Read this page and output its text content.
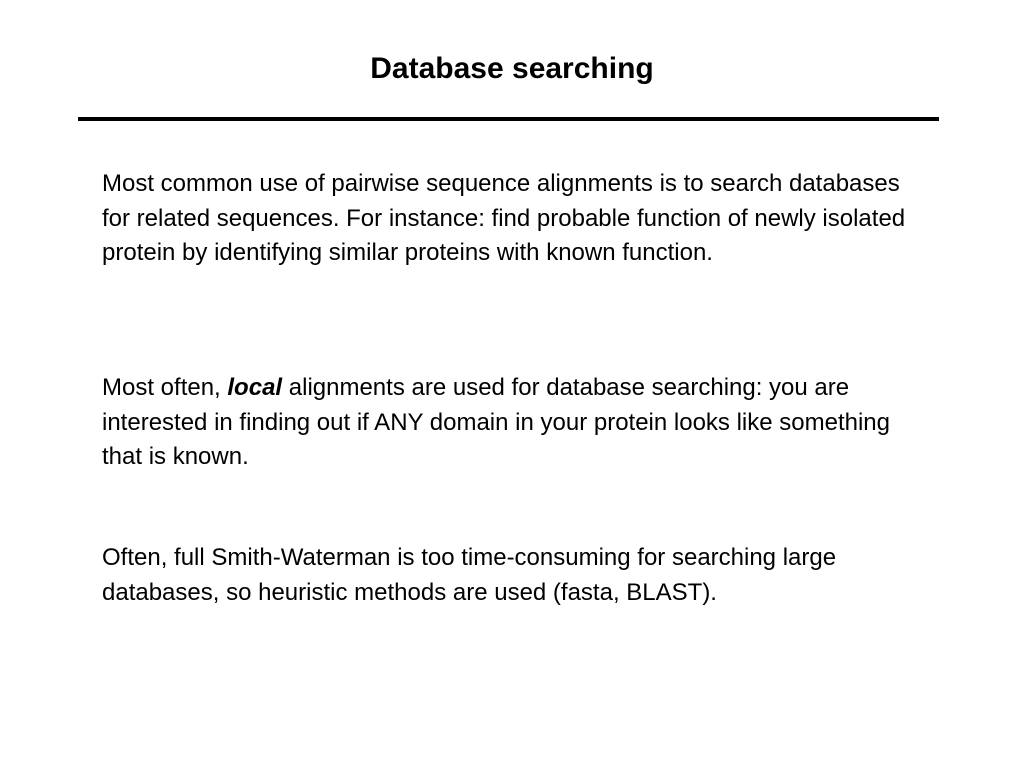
Database searching

Most common use of pairwise sequence alignments is to search databases for related sequences. For instance: find probable function of newly isolated protein by identifying similar proteins with known function.

Most often, local alignments are used for database searching: you are interested in finding out if ANY domain in your protein looks like something that is known.

Often, full Smith-Waterman is too time-consuming for searching large databases, so heuristic methods are used (fasta, BLAST).
